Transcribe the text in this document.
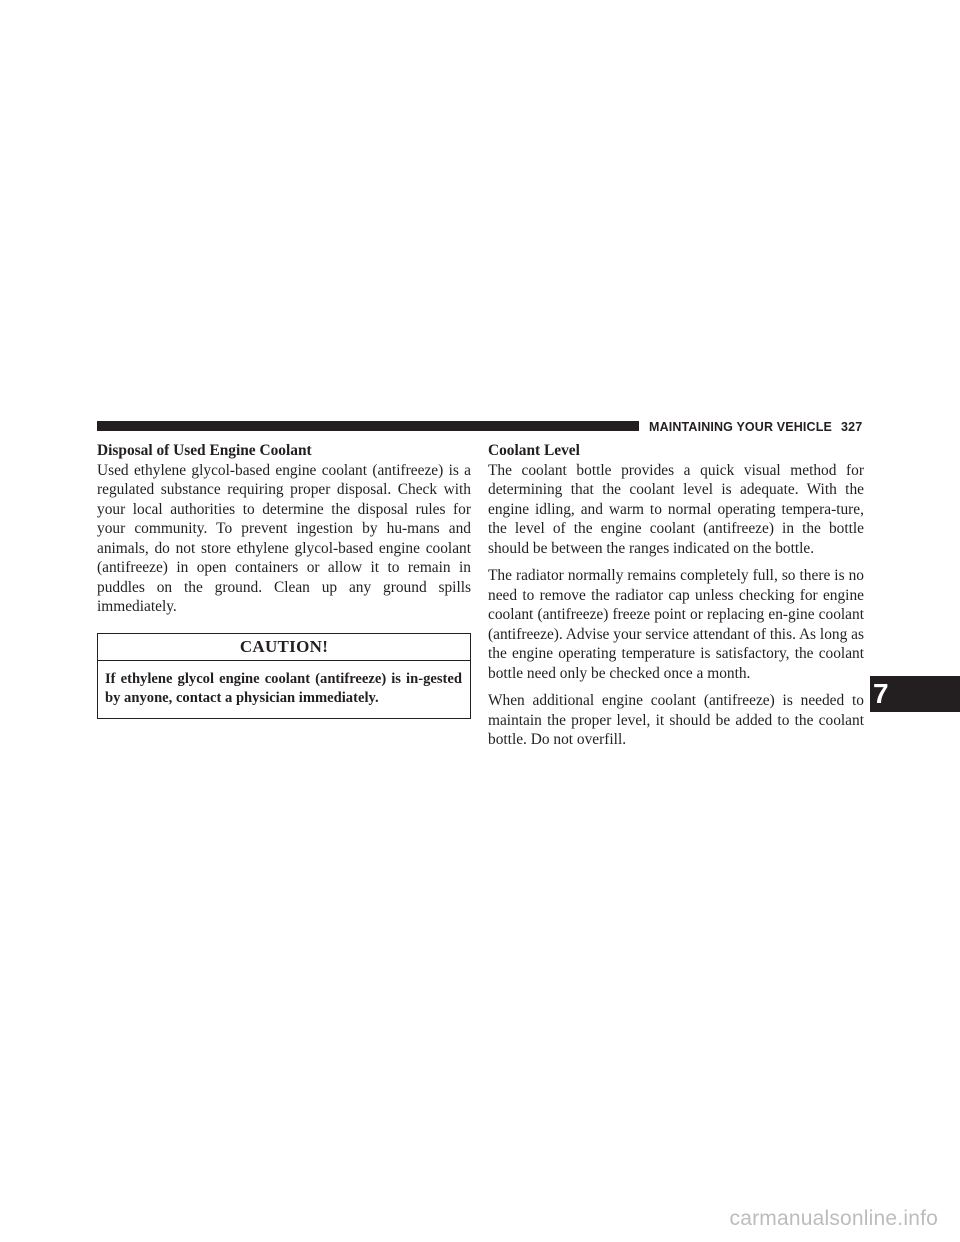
MAINTAINING YOUR VEHICLE 327
Disposal of Used Engine Coolant

Used ethylene glycol-based engine coolant (antifreeze) is a regulated substance requiring proper disposal. Check with your local authorities to determine the disposal rules for your community. To prevent ingestion by hu-mans and animals, do not store ethylene glycol-based engine coolant (antifreeze) in open containers or allow it to remain in puddles on the ground. Clean up any ground spills immediately.

CAUTION!
If ethylene glycol engine coolant (antifreeze) is in-gested by anyone, contact a physician immediately.
Coolant Level

The coolant bottle provides a quick visual method for determining that the coolant level is adequate. With the engine idling, and warm to normal operating tempera-ture, the level of the engine coolant (antifreeze) in the bottle should be between the ranges indicated on the bottle.

The radiator normally remains completely full, so there is no need to remove the radiator cap unless checking for engine coolant (antifreeze) freeze point or replacing en-gine coolant (antifreeze). Advise your service attendant of this. As long as the engine operating temperature is satisfactory, the coolant bottle need only be checked once a month.

When additional engine coolant (antifreeze) is needed to maintain the proper level, it should be added to the coolant bottle. Do not overfill.

7
carmanualsonline.info
